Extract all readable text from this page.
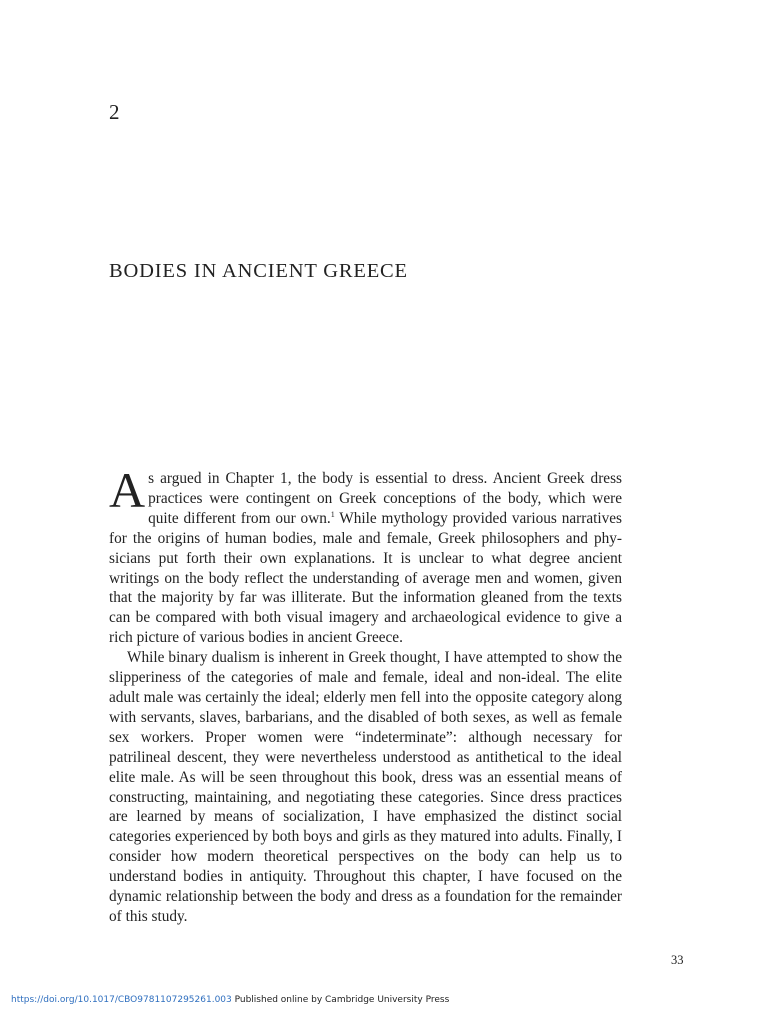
2
BODIES IN ANCIENT GREECE

As argued in Chapter 1, the body is essential to dress. Ancient Greek dress practices were contingent on Greek conceptions of the body, which were quite different from our own.$^1$ While mythology provided various narratives for the origins of human bodies, male and female, Greek philosophers and physicians put forth their own explanations. It is unclear to what degree ancient writings on the body reflect the understanding of average men and women, given that the majority by far was illiterate. But the information gleaned from the texts can be compared with both visual imagery and archaeological evidence to give a rich picture of various bodies in ancient Greece.

While binary dualism is inherent in Greek thought, I have attempted to show the slipperiness of the categories of male and female, ideal and non-ideal. The elite adult male was certainly the ideal; elderly men fell into the opposite category along with servants, slaves, barbarians, and the disabled of both sexes, as well as female sex workers. Proper women were “indeterminate”: although necessary for patrilineal descent, they were nevertheless understood as antithetical to the ideal elite male. As will be seen throughout this book, dress was an essential means of constructing, maintaining, and negotiating these categories. Since dress practices are learned by means of socialization, I have emphasized the distinct social categories experienced by both boys and girls as they matured into adults. Finally, I consider how modern theoretical perspectives on the body can help us to understand bodies in antiquity. Throughout this chapter, I have focused on the dynamic relationship between the body and dress as a foundation for the remainder of this study.

33
https://doi.org/10.1017/CBO9781107295261.003 Published online by Cambridge University Press
